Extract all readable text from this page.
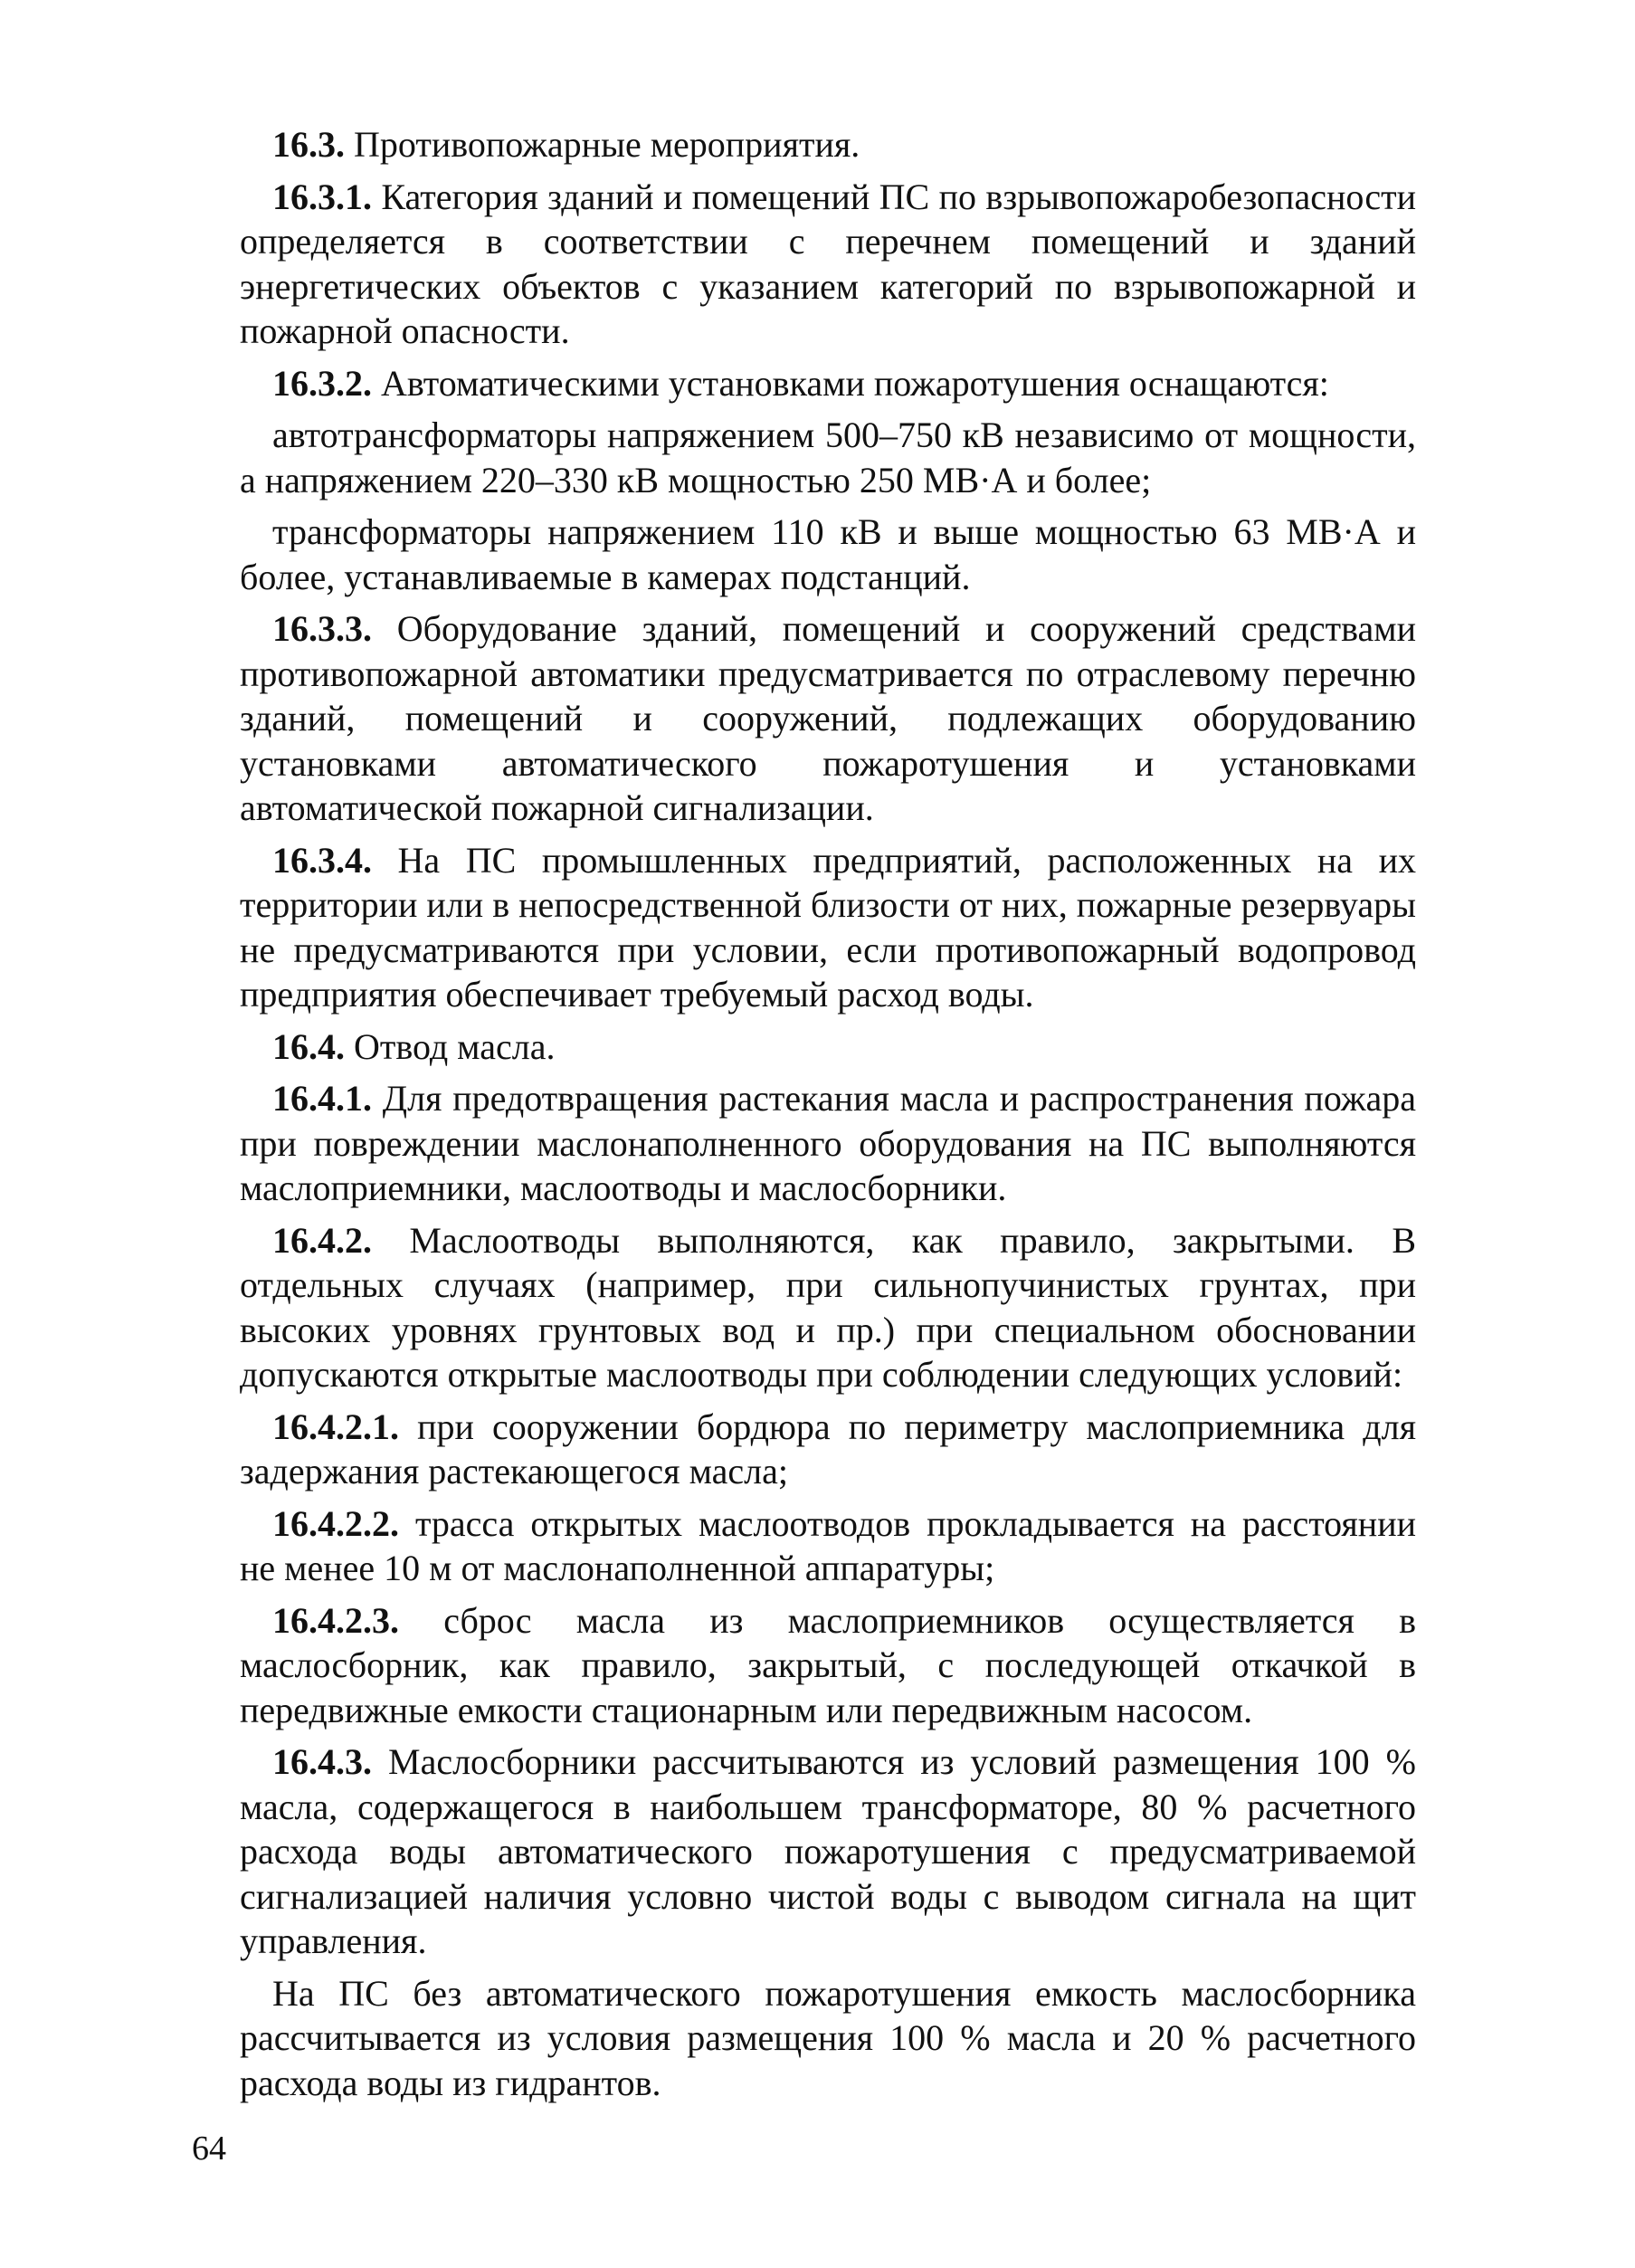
16.3. Противопожарные мероприятия.

16.3.1. Категория зданий и помещений ПС по взрывопожаробезопасности определяется в соответствии с перечнем помещений и зданий энергетических объектов с указанием категорий по взрывопожарной и пожарной опасности.

16.3.2. Автоматическими установками пожаротушения оснащаются:

автотрансформаторы напряжением 500–750 кВ независимо от мощности, а напряжением 220–330 кВ мощностью 250 МВ·А и более;

трансформаторы напряжением 110 кВ и выше мощностью 63 МВ·А и более, устанавливаемые в камерах подстанций.

16.3.3. Оборудование зданий, помещений и сооружений средствами противопожарной автоматики предусматривается по отраслевому перечню зданий, помещений и сооружений, подлежащих оборудованию установками автоматического пожаротушения и установками автоматической пожарной сигнализации.

16.3.4. На ПС промышленных предприятий, расположенных на их территории или в непосредственной близости от них, пожарные резервуары не предусматриваются при условии, если противопожарный водопровод предприятия обеспечивает требуемый расход воды.

16.4. Отвод масла.

16.4.1. Для предотвращения растекания масла и распространения пожара при повреждении маслонаполненного оборудования на ПС выполняются маслоприемники, маслоотводы и маслосборники.

16.4.2. Маслоотводы выполняются, как правило, закрытыми. В отдельных случаях (например, при сильнопучинистых грунтах, при высоких уровнях грунтовых вод и пр.) при специальном обосновании допускаются открытые маслоотводы при соблюдении следующих условий:

16.4.2.1. при сооружении бордюра по периметру маслоприемника для задержания растекающегося масла;

16.4.2.2. трасса открытых маслоотводов прокладывается на расстоянии не менее 10 м от маслонаполненной аппаратуры;

16.4.2.3. сброс масла из маслоприемников осуществляется в маслосборник, как правило, закрытый, с последующей откачкой в передвижные емкости стационарным или передвижным насосом.

16.4.3. Маслосборники рассчитываются из условий размещения 100 % масла, содержащегося в наибольшем трансформаторе, 80 % расчетного расхода воды автоматического пожаротушения с предусматриваемой сигнализацией наличия условно чистой воды с выводом сигнала на щит управления.

На ПС без автоматического пожаротушения емкость маслосборника рассчитывается из условия размещения 100 % масла и 20 % расчетного расхода воды из гидрантов.

64
